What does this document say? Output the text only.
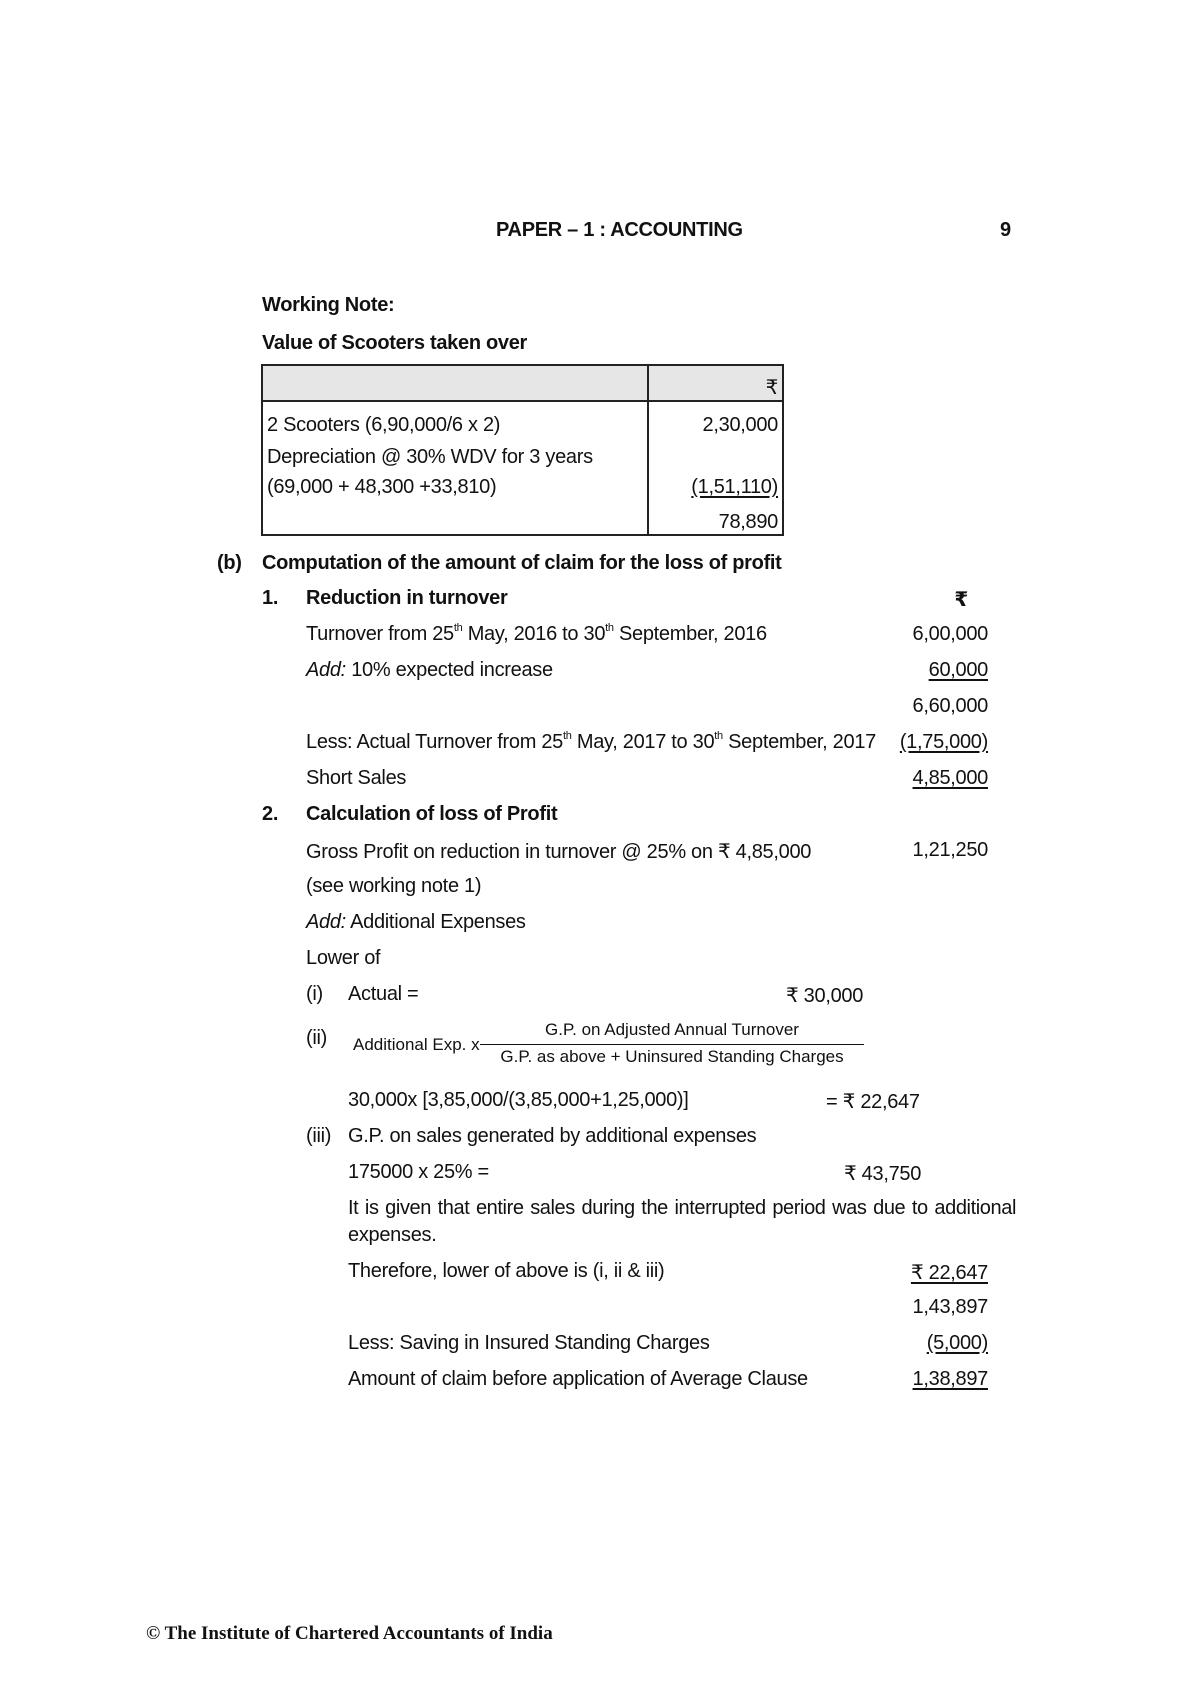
PAPER – 1 : ACCOUNTING	9
Working Note:
Value of Scooters taken over
	₹
2 Scooters (6,90,000/6 x 2)	2,30,000
Depreciation @ 30% WDV for 3 years	
(69,000 + 48,300 +33,810)	(1,51,110)
	78,890
(b) Computation of the amount of claim for the loss of profit
1. Reduction in turnover	₹
Turnover from 25th May, 2016 to 30th September, 2016	6,00,000
Add: 10% expected increase	60,000
6,60,000
Less: Actual Turnover from 25th May, 2017 to 30th September, 2017 (1,75,000)
Short Sales	4,85,000
2. Calculation of loss of Profit
Gross Profit on reduction in turnover @ 25% on ₹ 4,85,000	1,21,250
(see working note 1)
Add: Additional Expenses
Lower of
(i) Actual =	₹ 30,000
(ii) Additional Exp. x
G.P. on Adjusted Annual Turnover
G.P. as above + Uninsured Standing Charges
30,000x [3,85,000/(3,85,000+1,25,000)]	= ₹ 22,647
(iii) G.P. on sales generated by additional expenses
175000 x 25% =	₹ 43,750
It is given that entire sales during the interrupted period was due to additional
expenses.
Therefore, lower of above is (i, ii & iii)	₹ 22,647
1,43,897
Less: Saving in Insured Standing Charges	(5,000)
Amount of claim before application of Average Clause	1,38,897
© The Institute of Chartered Accountants of India
